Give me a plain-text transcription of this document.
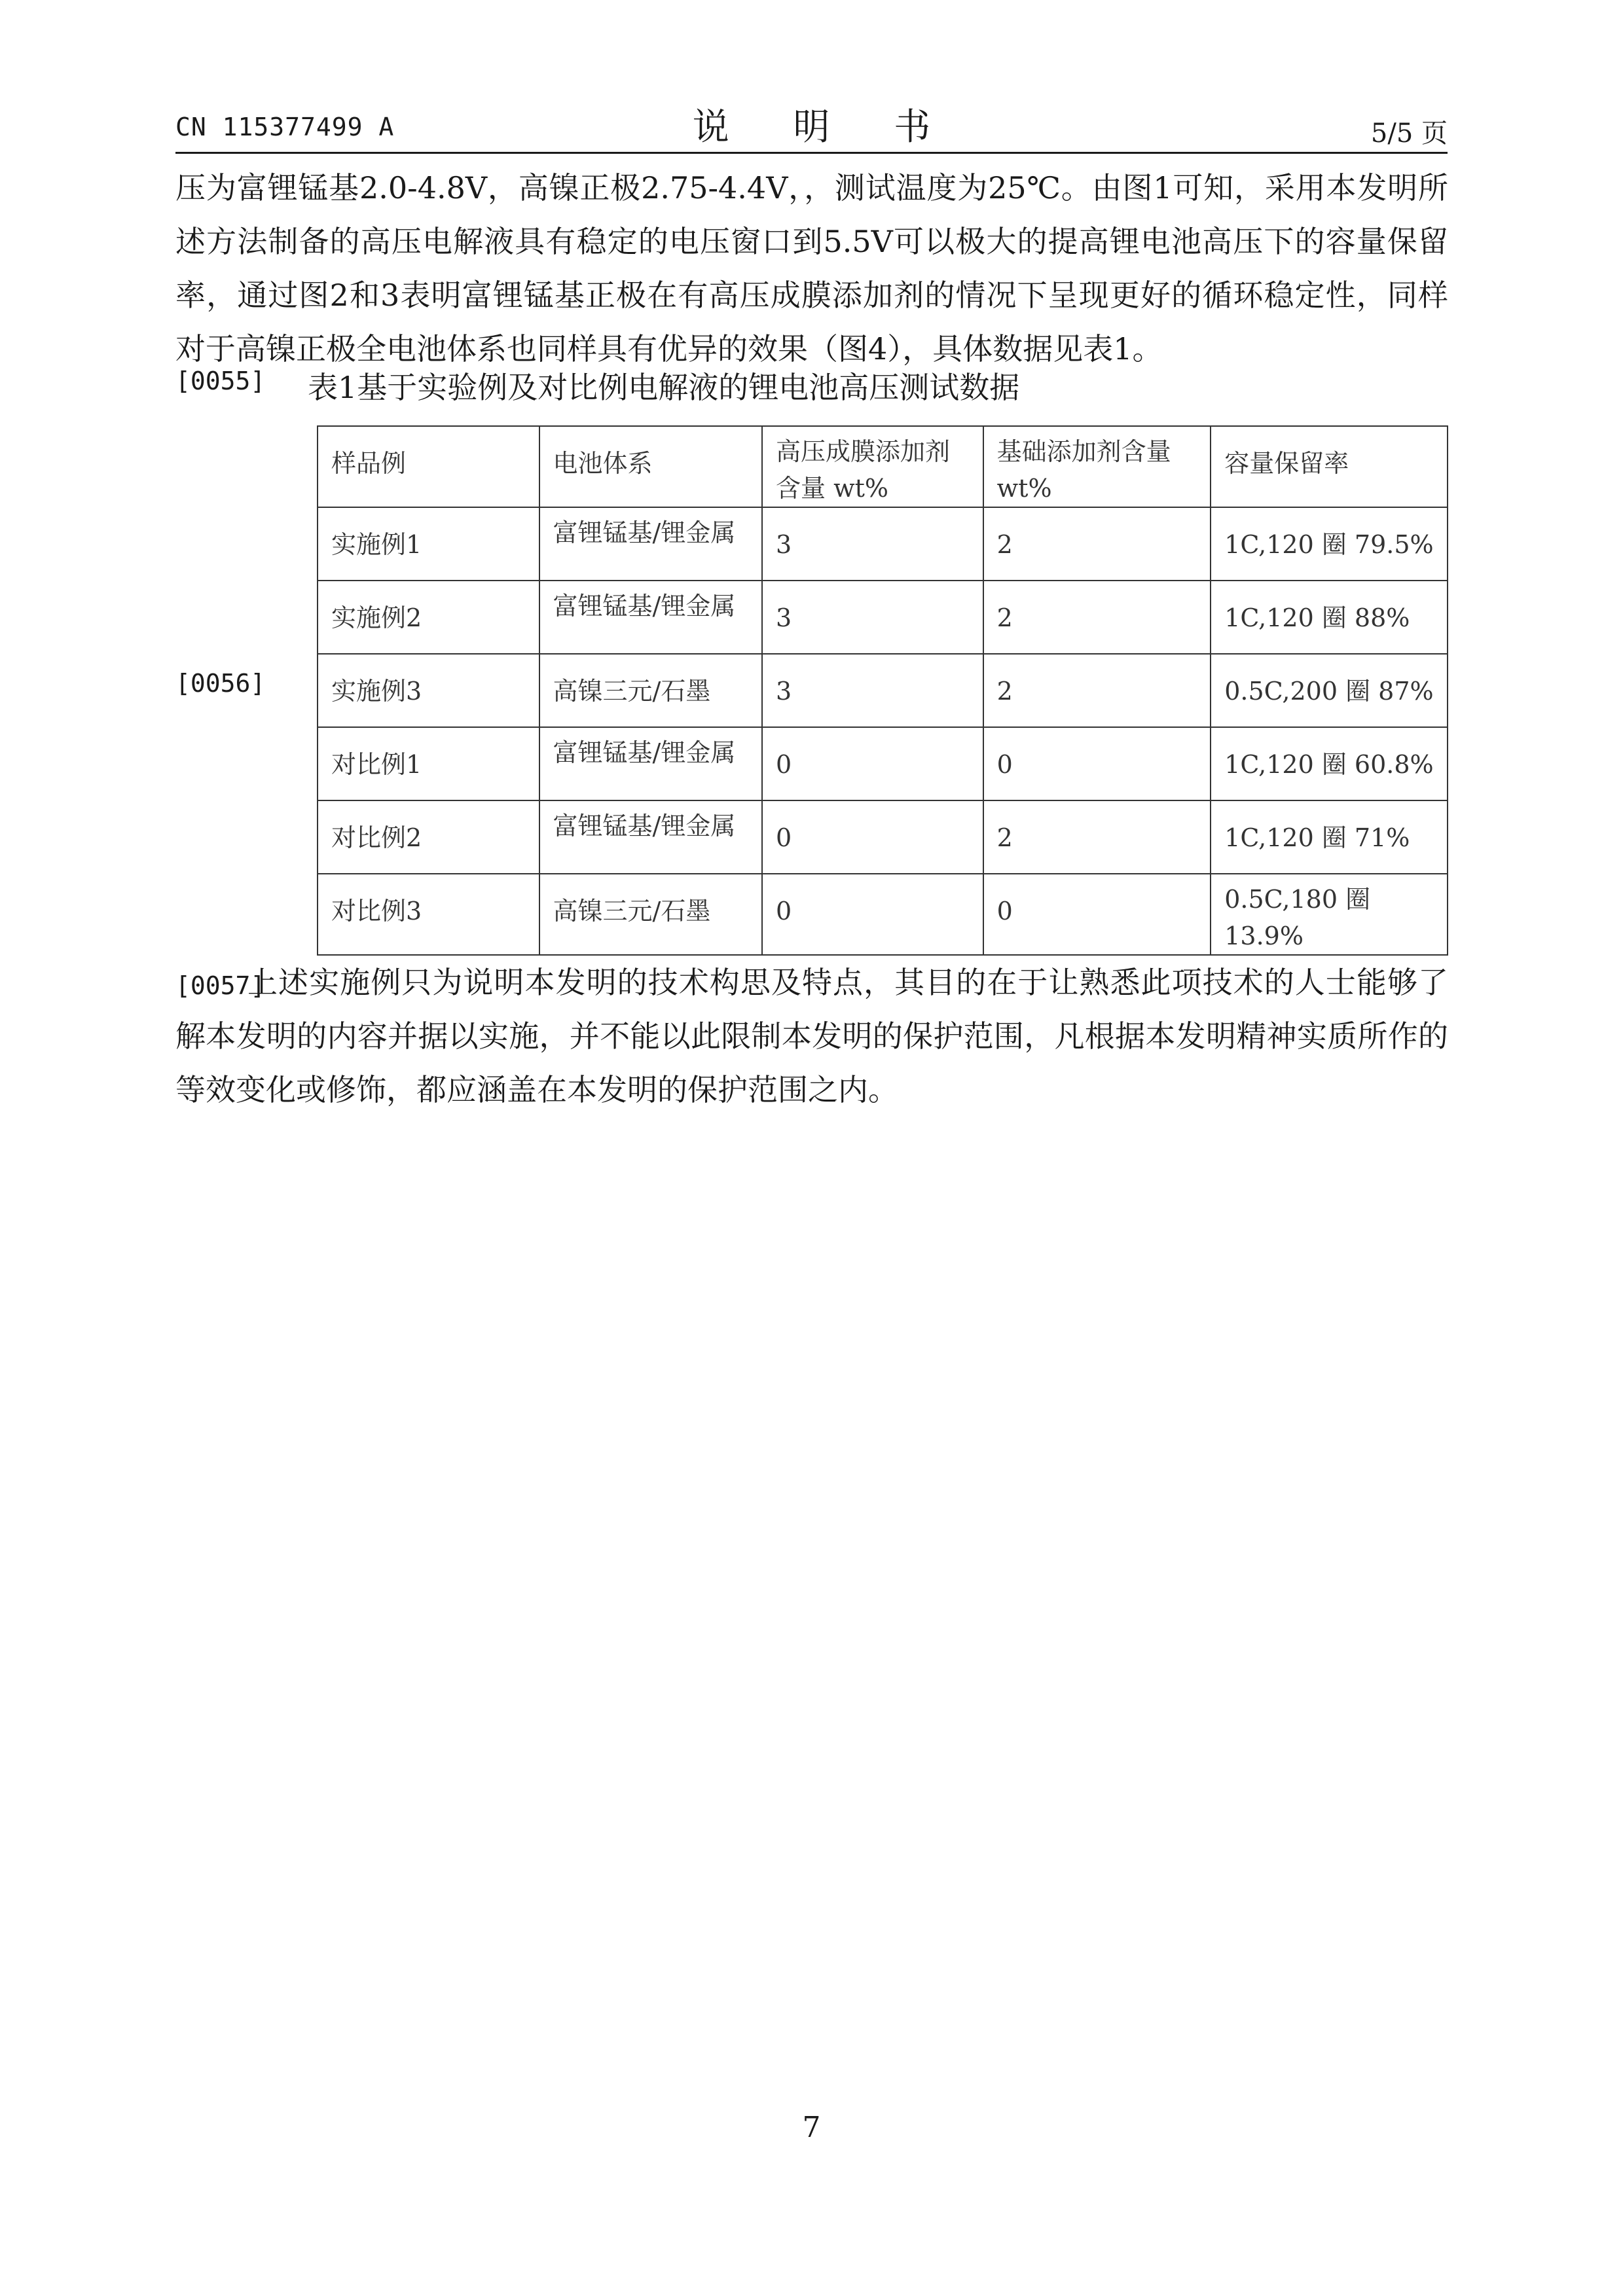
CN 115377499 A	说 明 书	5/5 页
压为富锂锰基2.0-4.8V，高镍正极2.75-4.4V，，测试温度为25℃。由图1可知，采用本发明所述方法制备的高压电解液具有稳定的电压窗口到5.5V可以极大的提高锂电池高压下的容量保留率，通过图2和3表明富锂锰基正极在有高压成膜添加剂的情况下呈现更好的循环稳定性，同样对于高镍正极全电池体系也同样具有优异的效果（图4），具体数据见表1。
[0055] 表1基于实验例及对比例电解液的锂电池高压测试数据
[0056]
样品例	电池体系	高压成膜添加剂含量 wt%	基础添加剂含量 wt%	容量保留率
实施例1	富锂锰基/锂金属	3	2	1C,120 圈 79.5%
实施例2	富锂锰基/锂金属	3	2	1C,120 圈 88%
实施例3	高镍三元/石墨	3	2	0.5C,200 圈 87%
对比例1	富锂锰基/锂金属	0	0	1C,120 圈 60.8%
对比例2	富锂锰基/锂金属	0	2	1C,120 圈 71%
对比例3	高镍三元/石墨	0	0	0.5C,180 圈 13.9%
[0057]
上述实施例只为说明本发明的技术构思及特点，其目的在于让熟悉此项技术的人士能够了解本发明的内容并据以实施，并不能以此限制本发明的保护范围，凡根据本发明精神实质所作的等效变化或修饰，都应涵盖在本发明的保护范围之内。
7
